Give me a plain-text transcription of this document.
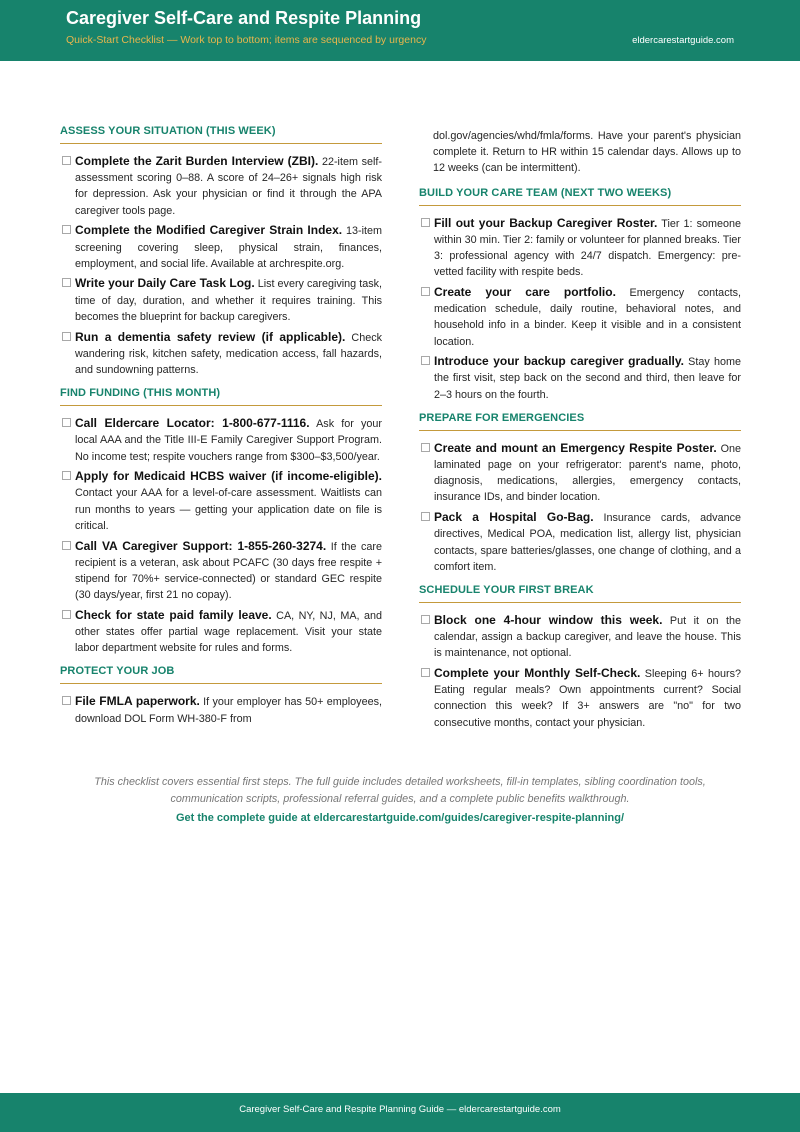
Caregiver Self-Care and Respite Planning
Quick-Start Checklist — Work top to bottom; items are sequenced by urgency	eldercarestartguide.com
ASSESS YOUR SITUATION (THIS WEEK)
Complete the Zarit Burden Interview (ZBI). 22-item self-assessment scoring 0–88. A score of 24–26+ signals high risk for depression. Ask your physician or find it through the APA caregiver tools page.
Complete the Modified Caregiver Strain Index. 13-item screening covering sleep, physical strain, finances, employment, and social life. Available at archrespite.org.
Write your Daily Care Task Log. List every caregiving task, time of day, duration, and whether it requires training. This becomes the blueprint for backup caregivers.
Run a dementia safety review (if applicable). Check wandering risk, kitchen safety, medication access, fall hazards, and sundowning patterns.
FIND FUNDING (THIS MONTH)
Call Eldercare Locator: 1-800-677-1116. Ask for your local AAA and the Title III-E Family Caregiver Support Program. No income test; respite vouchers range from $300–$3,500/year.
Apply for Medicaid HCBS waiver (if income-eligible). Contact your AAA for a level-of-care assessment. Waitlists can run months to years — getting your application date on file is critical.
Call VA Caregiver Support: 1-855-260-3274. If the care recipient is a veteran, ask about PCAFC (30 days free respite + stipend for 70%+ service-connected) or standard GEC respite (30 days/year, first 21 no copay).
Check for state paid family leave. CA, NY, NJ, MA, and other states offer partial wage replacement. Visit your state labor department website for rules and forms.
PROTECT YOUR JOB
File FMLA paperwork. If your employer has 50+ employees, download DOL Form WH-380-F from
dol.gov/agencies/whd/fmla/forms. Have your parent's physician complete it. Return to HR within 15 calendar days. Allows up to 12 weeks (can be intermittent).
BUILD YOUR CARE TEAM (NEXT TWO WEEKS)
Fill out your Backup Caregiver Roster. Tier 1: someone within 30 min. Tier 2: family or volunteer for planned breaks. Tier 3: professional agency with 24/7 dispatch. Emergency: pre-vetted facility with respite beds.
Create your care portfolio. Emergency contacts, medication schedule, daily routine, behavioral notes, and household info in a binder. Keep it visible and in a consistent location.
Introduce your backup caregiver gradually. Stay home the first visit, step back on the second and third, then leave for 2–3 hours on the fourth.
PREPARE FOR EMERGENCIES
Create and mount an Emergency Respite Poster. One laminated page on your refrigerator: parent's name, photo, diagnosis, medications, allergies, emergency contacts, insurance IDs, and binder location.
Pack a Hospital Go-Bag. Insurance cards, advance directives, Medical POA, medication list, allergy list, physician contacts, spare batteries/glasses, one change of clothing, and a comfort item.
SCHEDULE YOUR FIRST BREAK
Block one 4-hour window this week. Put it on the calendar, assign a backup caregiver, and leave the house. This is maintenance, not optional.
Complete your Monthly Self-Check. Sleeping 6+ hours? Eating regular meals? Own appointments current? Social connection this week? If 3+ answers are "no" for two consecutive months, contact your physician.
This checklist covers essential first steps. The full guide includes detailed worksheets, fill-in templates, sibling coordination tools, communication scripts, professional referral guides, and a complete public benefits walkthrough.
Get the complete guide at eldercarestartguide.com/guides/caregiver-respite-planning/
Caregiver Self-Care and Respite Planning Guide — eldercarestartguide.com
